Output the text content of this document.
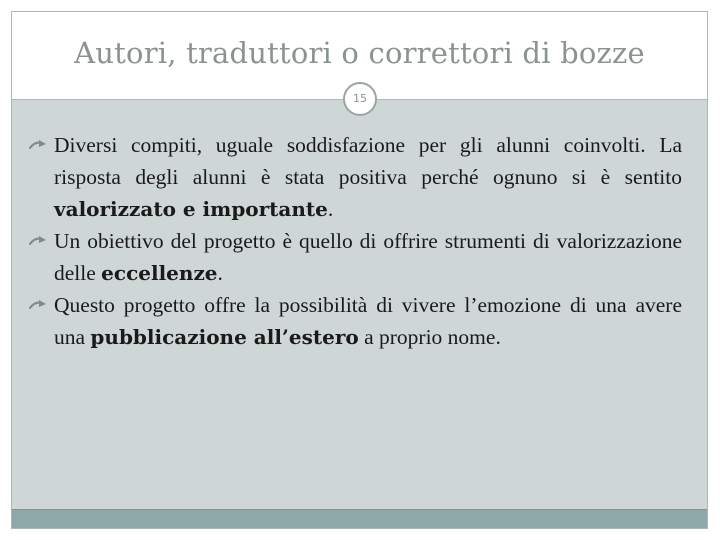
Autori, traduttori o correttori di bozze
15
Diversi compiti, uguale soddisfazione per gli alunni coinvolti. La risposta degli alunni è stata positiva perché ognuno si è sentito valorizzato e importante.
Un obiettivo del progetto è quello di offrire strumenti di valorizzazione delle eccellenze.
Questo progetto offre la possibilità di vivere l’emozione di una avere una pubblicazione all’estero a proprio nome.
